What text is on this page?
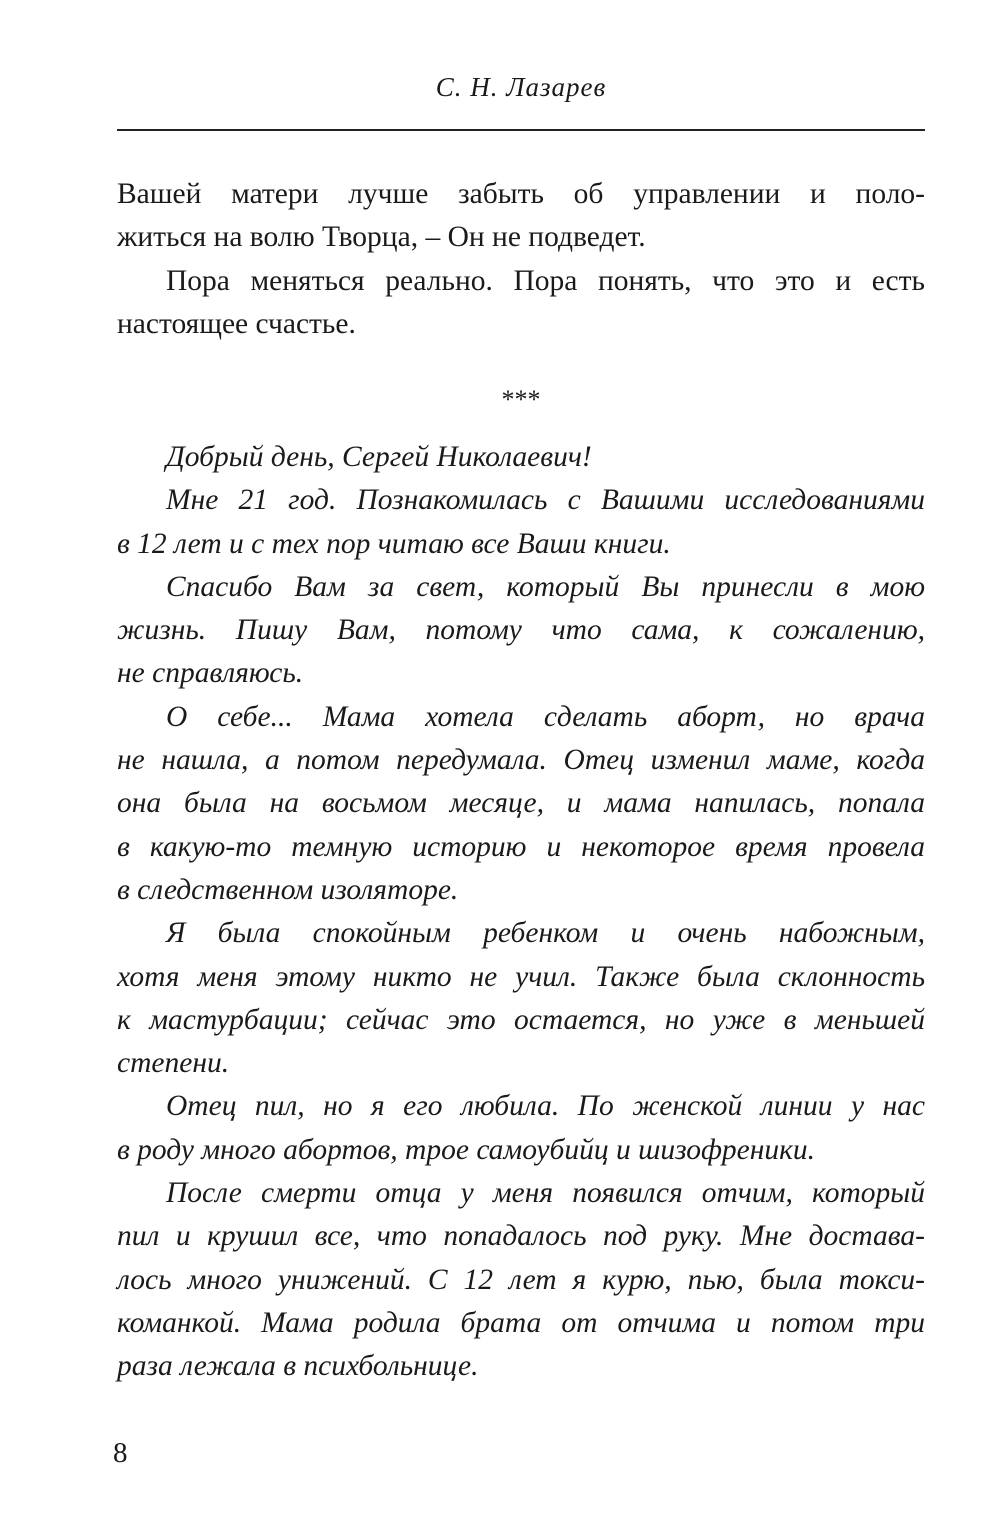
С. Н. Лазарев
Вашей матери лучше забыть об управлении и поло-
житься на волю Творца, – Он не подведет.
Пора меняться реально. Пора понять, что это и есть
настоящее счастье.
***
Добрый день, Сергей Николаевич!
Мне 21 год. Познакомилась с Вашими исследованиями
в 12 лет и с тех пор читаю все Ваши книги.
Спасибо Вам за свет, который Вы принесли в мою
жизнь. Пишу Вам, потому что сама, к сожалению,
не справляюсь.
О себе... Мама хотела сделать аборт, но врача
не нашла, а потом передумала. Отец изменил маме, когда
она была на восьмом месяце, и мама напилась, попала
в какую-то темную историю и некоторое время провела
в следственном изоляторе.
Я была спокойным ребенком и очень набожным,
хотя меня этому никто не учил. Также была склонность
к мастурбации; сейчас это остается, но уже в меньшей
степени.
Отец пил, но я его любила. По женской линии у нас
в роду много абортов, трое самоубийц и шизофреники.
После смерти отца у меня появился отчим, который
пил и крушил все, что попадалось под руку. Мне достава-
лось много унижений. С 12 лет я курю, пью, была токси-
команкой. Мама родила брата от отчима и потом три
раза лежала в психбольнице.
8
